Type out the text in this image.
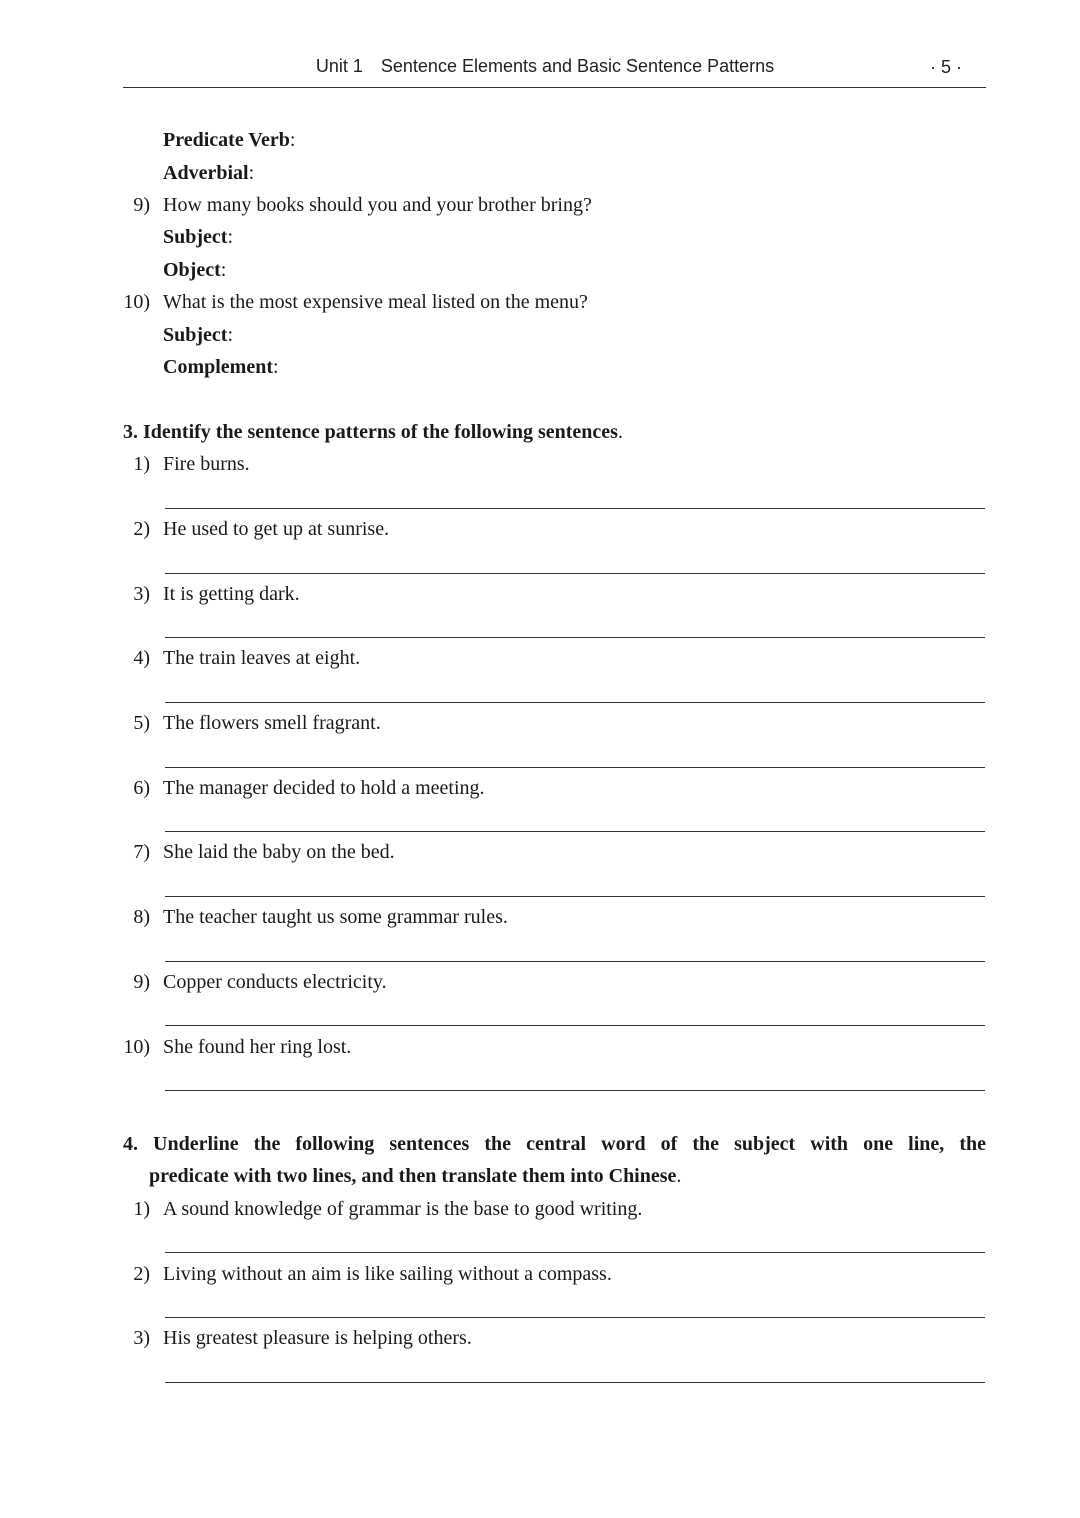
Unit 1 Sentence Elements and Basic Sentence Patterns	· 5 ·
Predicate Verb:
Adverbial:
9) How many books should you and your brother bring?
Subject:
Object:
10) What is the most expensive meal listed on the menu?
Subject:
Complement:
3. Identify the sentence patterns of the following sentences.
1) Fire burns.
2) He used to get up at sunrise.
3) It is getting dark.
4) The train leaves at eight.
5) The flowers smell fragrant.
6) The manager decided to hold a meeting.
7) She laid the baby on the bed.
8) The teacher taught us some grammar rules.
9) Copper conducts electricity.
10) She found her ring lost.
4. Underline the following sentences the central word of the subject with one line, the
predicate with two lines, and then translate them into Chinese.
1) A sound knowledge of grammar is the base to good writing.
2) Living without an aim is like sailing without a compass.
3) His greatest pleasure is helping others.
